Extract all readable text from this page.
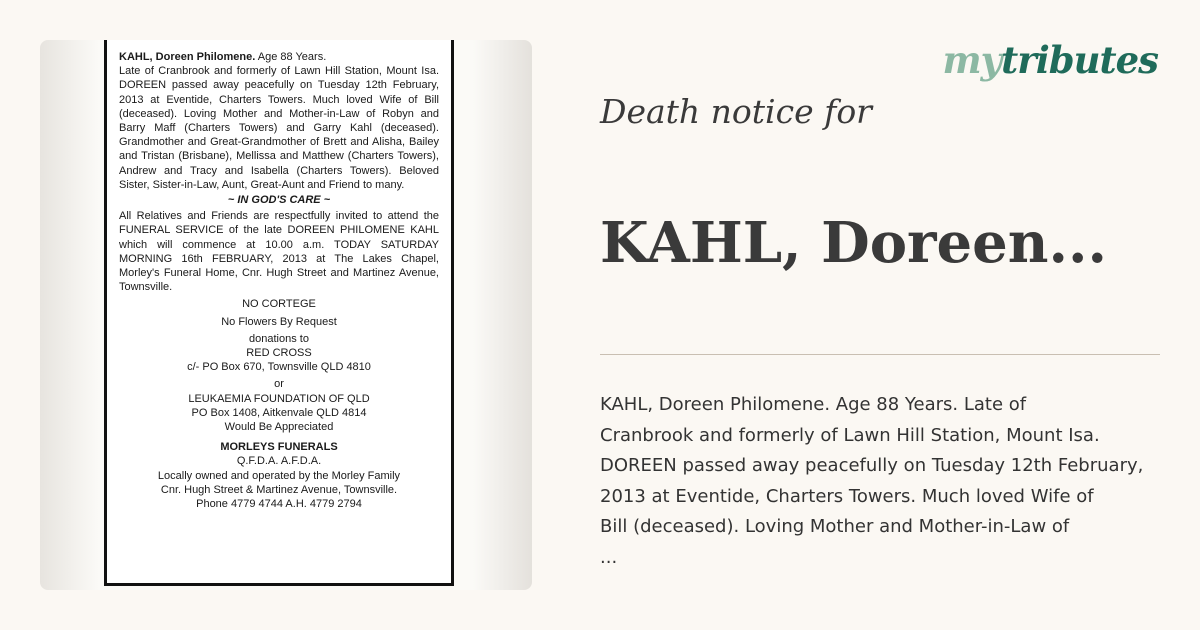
KAHL, Doreen Philomene. Age 88 Years.

Late of Cranbrook and formerly of Lawn Hill Station, Mount Isa. DOREEN passed away peacefully on Tuesday 12th February, 2013 at Eventide, Charters Towers. Much loved Wife of Bill (deceased). Loving Mother and Mother-in-Law of Robyn and Barry Maff (Charters Towers) and Garry Kahl (deceased). Grandmother and Great-Grandmother of Brett and Alisha, Bailey and Tristan (Brisbane), Mellissa and Matthew (Charters Towers), Andrew and Tracy and Isabella (Charters Towers). Beloved Sister, Sister-in-Law, Aunt, Great-Aunt and Friend to many.

~ IN GOD'S CARE ~

All Relatives and Friends are respectfully invited to attend the FUNERAL SERVICE of the late DOREEN PHILOMENE KAHL which will commence at 10.00 a.m. TODAY SATURDAY MORNING 16th FEBRUARY, 2013 at The Lakes Chapel, Morley's Funeral Home, Cnr. Hugh Street and Martinez Avenue, Townsville.

NO CORTEGE

No Flowers By Request

donations to

RED CROSS

c/- PO Box 670, Townsville QLD 4810

or

LEUKAEMIA FOUNDATION OF QLD

PO Box 1408, Aitkenvale QLD 4814

Would Be Appreciated

MORLEYS FUNERALS

Q.F.D.A. A.F.D.A.

Locally owned and operated by the Morley Family

Cnr. Hugh Street & Martinez Avenue, Townsville.

Phone 4779 4744 A.H. 4779 2794

mytributes
Death notice for
KAHL, Doreen...

KAHL, Doreen Philomene. Age 88 Years. Late of
Cranbrook and formerly of Lawn Hill Station, Mount Isa.
DOREEN passed away peacefully on Tuesday 12th February,
2013 at Eventide, Charters Towers. Much loved Wife of
Bill (deceased). Loving Mother and Mother-in-Law of
...
